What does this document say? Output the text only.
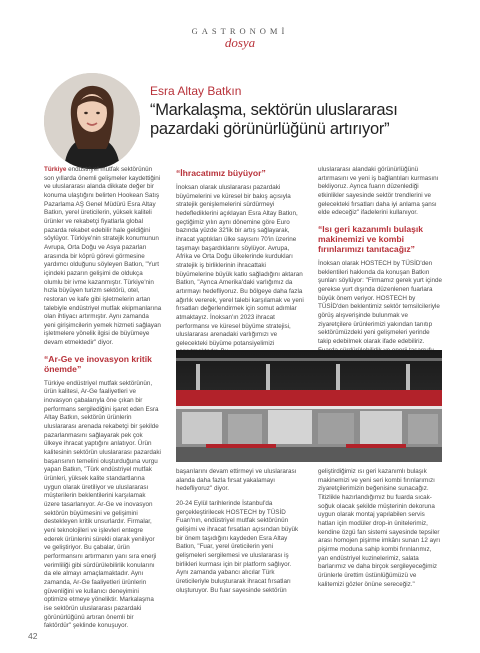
GASTRONOMİ
dosya
Esra Altay Batkın
“Markalaşma, sektörün uluslararası pazardaki görünürlüğünü artırıyor”

Türkiye endüstriyel mutfak sektörünün son yıllarda önemli gelişmeler kaydettiğini ve uluslararası alanda dikkate değer bir konuma ulaştığını belirten Hookean Satış Pazarlama AŞ Genel Müdürü Esra Altay Batkın, yerel üreticilerin, yüksek kaliteli ürünler ve rekabetçi fiyatlarla global pazarda rekabet edebilir hale geldiğini söylüyor. Türkiye'nin stratejik konumunun Avrupa, Orta Doğu ve Asya pazarları arasında bir köprü görevi görmesine yardımcı olduğunu söyleyen Batkın, "Yurt içindeki pazarın gelişimi de oldukça olumlu bir ivme kazanmıştır. Türkiye'nin hızla büyüyen turizm sektörü, otel, restoran ve kafe gibi işletmelerin artan talebiyle endüstriyel mutfak ekipmanlarına olan ihtiyacı artırmıştır. Aynı zamanda yeni girişimcilerin yemek hizmeti sağlayan işletmelere yönelik ilgisi de büyümeye devam etmektedir" diyor.

“Ar-Ge ve inovasyon kritik önemde”

Türkiye endüstriyel mutfak sektörünün, ürün kalitesi, Ar-Ge faaliyetleri ve inovasyon çabalarıyla öne çıkan bir performans sergilediğini işaret eden Esra Altay Batkın, sektörün ürünlerin uluslararası arenada rekabetçi bir şekilde pazarlanmasını sağlayarak pek çok ülkeye ihracat yaptığını anlatıyor. Ürün kalitesinin sektörün uluslararası pazardaki başarısının temelini oluşturduğuna vurgu yapan Batkın, "Türk endüstriyel mutfak ürünleri, yüksek kalite standartlarına uygun olarak üretiliyor ve uluslararası müşterilerin beklentilerini karşılamak üzere tasarlanıyor. Ar-Ge ve inovasyon sektörün büyümesini ve gelişimini destekleyen kritik unsurlardır. Firmalar, yeni teknolojileri ve işlevleri entegre ederek ürünlerini sürekli olarak yeniliyor ve geliştiriyor. Bu çabalar, ürün performansını artırmanın yanı sıra enerji verimliliği gibi sürdürülebilirlik konularını da ele almayı amaçlamaktadır. Aynı zamanda, Ar-Ge faaliyetleri ürünlerin güvenliğini ve kullanıcı deneyimini optimize etmeye yöneliktir. Markalaşma ise sektörün uluslararası pazardaki görünürlüğünü artıran önemli bir faktördür" şeklinde konuşuyor.

“İhracatımız büyüyor”

İnoksan olarak uluslararası pazardaki büyümelerini ve küresel bir bakış açısıyla stratejik genişlemelerini sürdürmeyi hedeflediklerini açıklayan Esra Altay Batkın, geçtiğimiz yılın aynı dönemine göre Euro bazında yüzde 32'lik bir artış sağlayarak, ihracat yaptıkları ülke sayısını 70'in üzerine taşımayı başardıklarını söylüyor. Avrupa, Afrika ve Orta Doğu ülkelerinde kurdukları stratejik iş birliklerinin ihracattaki büyümelerine büyük katkı sağladığını aktaran Batkın, "Ayrıca Amerika'daki varlığımız da artırmayı hedefliyoruz. Bu bölgeye daha fazla ağırlık vererek, yerel talebi karşılamak ve yeni fırsatları değerlendirmek için somut adımlar atmaktayız. İnoksan'ın 2023 ihracat performansı ve küresel büyüme stratejisi, uluslararası arenadaki varlığımızı ve gelecekteki büyüme potansiyelimizi

uluslararası alandaki görünürlüğünü artırmasını ve yeni iş bağlantıları kurmasını bekliyoruz. Ayrıca fuarın düzenlediği etkinlikler sayesinde sektör trendlerini ve gelecekteki fırsatları daha iyi anlama şansı elde edeceğiz" ifadelerini kullanıyor.

“Isı geri kazanımlı bulaşık makinemizi ve kombi fırınlarımızı tanıtacağız”

İnoksan olarak HOSTECH by TÜSİD'den beklentileri hakkında da konuşan Batkın şunları söylüyor: "Firmamız gerek yurt içinde gerekse yurt dışında düzenlenen fuarlara büyük önem veriyor. HOSTECH by TÜSİD'den beklentimiz sektör temsilcileriyle görüş alışverişinde bulunmak ve ziyaretçilere ürünlerimizi yakından tanıtıp sektörümüzdeki yeni gelişmeleri yerinde takip edebilmek olarak ifade edebiliriz.

başarılarını devam ettirmeyi ve uluslararası alanda daha fazla fırsat yakalamayı hedefliyoruz" diyor.

20-24 Eylül tarihlerinde İstanbul'da gerçekleştirilecek HOSTECH by TÜSİD Fuarı'nın, endüstriyel mutfak sektörünün gelişimi ve ihracat fırsatları açısından büyük bir önem taşıdığını kaydeden Esra Altay Batkın, "Fuar, yerel üreticilerin yeni gelişmeleri sergilemesi ve uluslararası iş birlikleri kurması için bir platform sağlıyor. Aynı zamanda yabancı alıcılar Türk üreticileriyle buluşturarak ihracat fırsatları oluşturuyor. Bu fuar sayesinde sektörün

geliştirdiğimiz ısı geri kazanımlı bulaşık makinemizi ve yeni seri kombi fırınlarımızı ziyaretçilerimizin beğenisine sunacağız. Titizlikle hazırlandığımız bu fuarda sıcak-soğuk olacak şekilde müşterinin dekoruna uygun olarak montaj yapılabilen servis hatları için modüler drop-in ünitelerimiz, kendine özgü fan sistemi sayesinde tepsiler arası homojen pişirme imkânı sunan 12 ayrı pişirme moduna sahip kombi fırınlarımız, yan endüstriyel kuzinelerimiz, salata barlarımız ve daha birçok sergileyeceğimiz ürünlerle ürettim üstünlüğümüzü ve kalitemizi gözler önüne sereceğiz."

42
